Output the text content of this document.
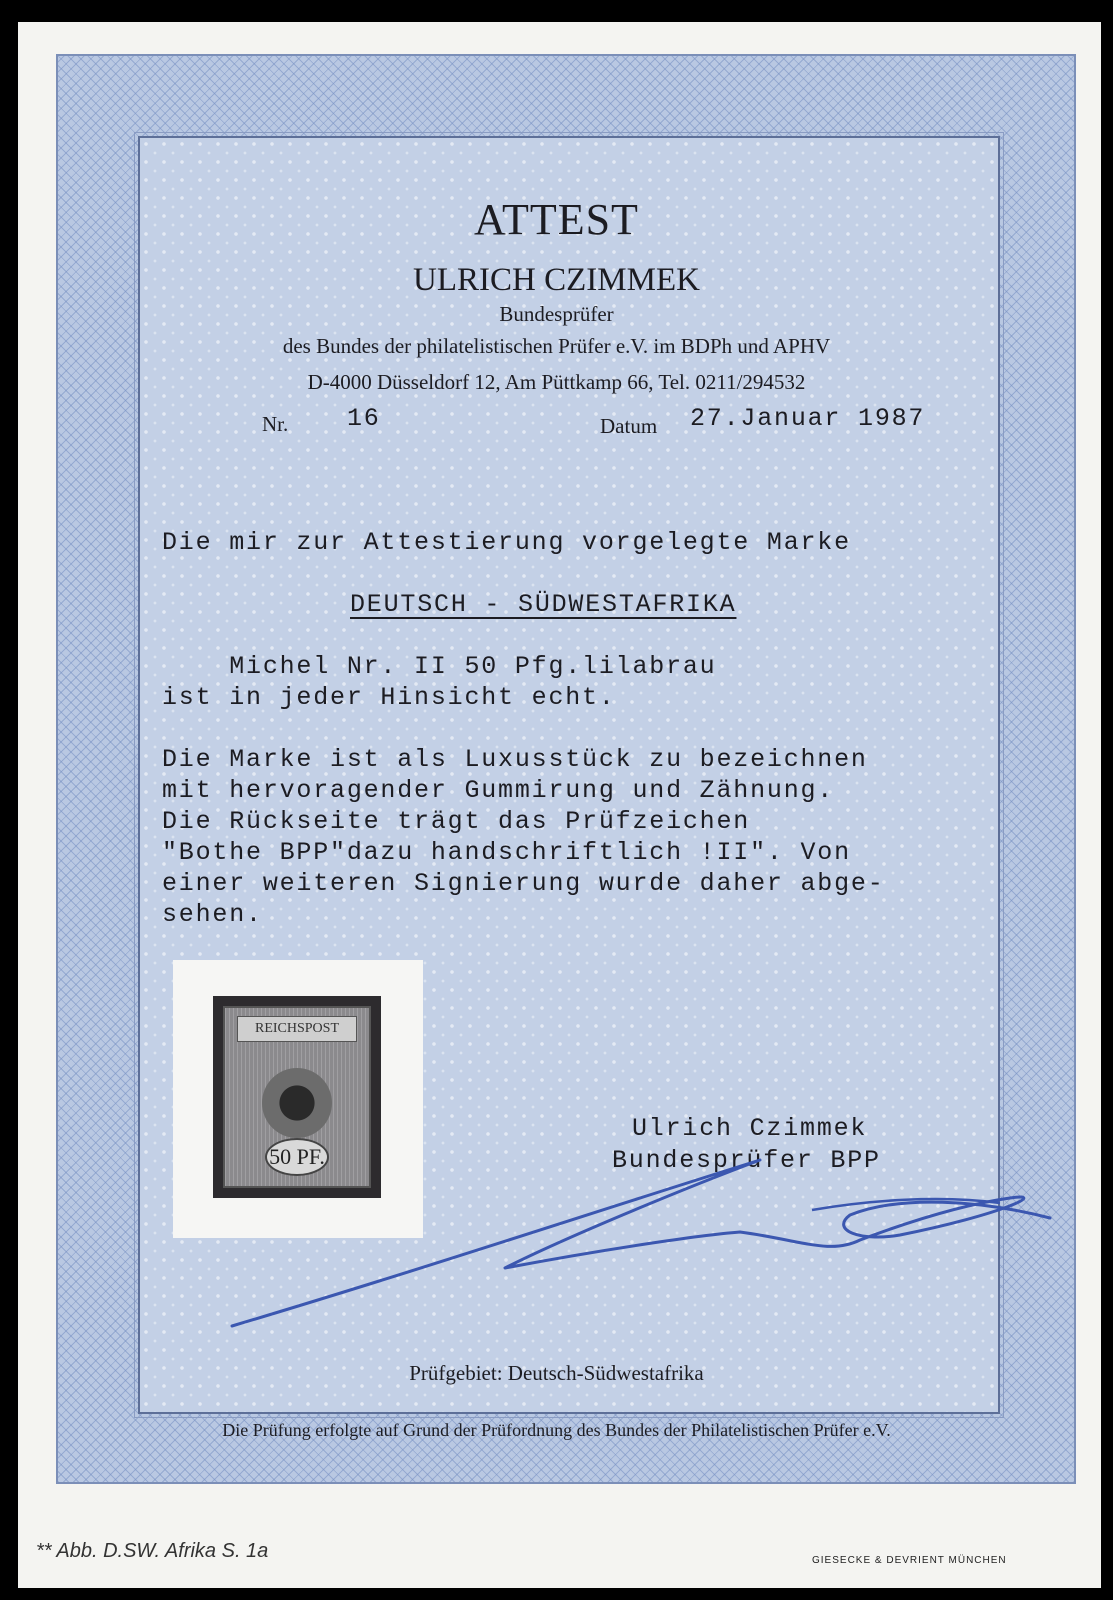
ATTEST
ULRICH CZIMMEK
Bundesprüfer
des Bundes der philatelistischen Prüfer e.V. im BDPh und APHV
D-4000 Düsseldorf 12, Am Püttkamp 66, Tel. 0211/294532
Nr. 16	Datum 27.Januar 1987
Die mir zur Attestierung vorgelegte Marke
DEUTSCH - SÜDWESTAFRIKA
Michel Nr. II 50 Pfg.lilabrau
ist in jeder Hinsicht echt.
Die Marke ist als Luxusstück zu bezeichnen
mit hervoragender Gummirung und Zähnung.
Die Rückseite trägt das Prüfzeichen
"Bothe BPP"dazu handschriftlich !II". Von
einer weiteren Signierung wurde daher abge-
sehen.
REICHSPOST
50 PF.
Ulrich Czimmek
Bundesprüfer BPP
Prüfgebiet: Deutsch-Südwestafrika
Die Prüfung erfolgte auf Grund der Prüfordnung des Bundes der Philatelistischen Prüfer e.V.
** Abb. D.SW. Afrika S. 1a	GIESECKE & DEVRIENT MÜNCHEN
